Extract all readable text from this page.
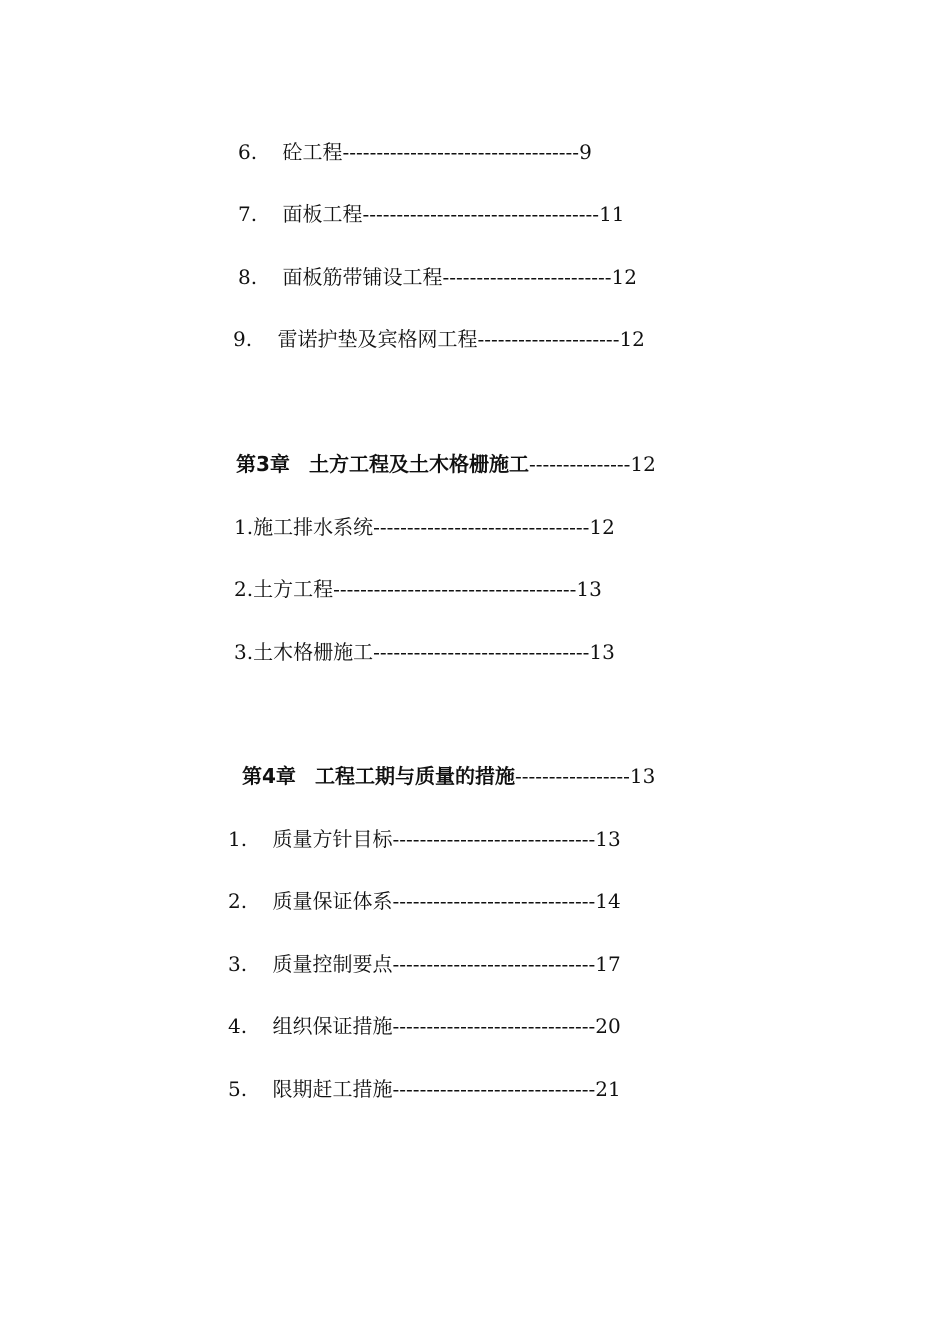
6. 砼工程-----------------------------------9
7. 面板工程-----------------------------------11
8. 面板筋带铺设工程-------------------------12
9. 雷诺护垫及宾格网工程---------------------12
第3章 土方工程及土木格栅施工---------------12
1.施工排水系统--------------------------------12
2.土方工程------------------------------------13
3.土木格栅施工--------------------------------13
第4章 工程工期与质量的措施-----------------13
1. 质量方针目标------------------------------13
2. 质量保证体系------------------------------14
3. 质量控制要点------------------------------17
4. 组织保证措施------------------------------20
5. 限期赶工措施------------------------------21
